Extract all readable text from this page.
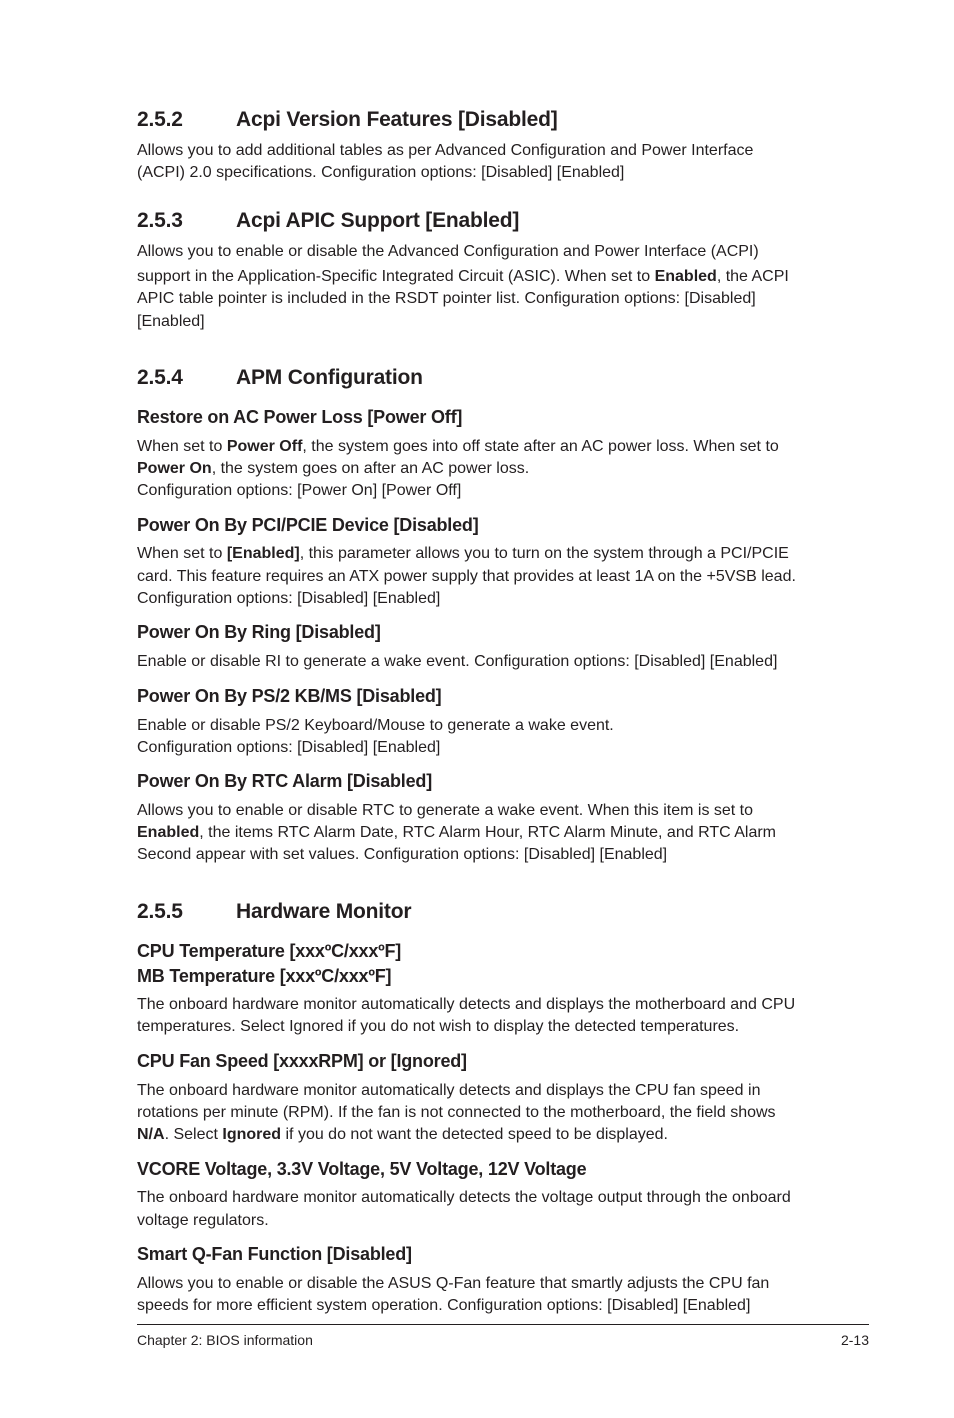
2.5.2	Acpi Version Features [Disabled]
Allows you to add additional tables as per Advanced Configuration and Power Interface
(ACPI) 2.0 specifications. Configuration options: [Disabled] [Enabled]
2.5.3	Acpi APIC Support [Enabled]
Allows you to enable or disable the Advanced Configuration and Power Interface (ACPI)
support in the Application-Specific Integrated Circuit (ASIC). When set to Enabled, the ACPI
APIC table pointer is included in the RSDT pointer list. Configuration options: [Disabled]
[Enabled]
2.5.4	APM Configuration
Restore on AC Power Loss [Power Off]
When set to Power Off, the system goes into off state after an AC power loss. When set to
Power On, the system goes on after an AC power loss.
Configuration options: [Power On] [Power Off]
Power On By PCI/PCIE Device [Disabled]
When set to [Enabled], this parameter allows you to turn on the system through a PCI/PCIE
card. This feature requires an ATX power supply that provides at least 1A on the +5VSB lead.
Configuration options: [Disabled] [Enabled]
Power On By Ring [Disabled]
Enable or disable RI to generate a wake event. Configuration options: [Disabled] [Enabled]
Power On By PS/2 KB/MS [Disabled]
Enable or disable PS/2 Keyboard/Mouse to generate a wake event.
Configuration options: [Disabled] [Enabled]
Power On By RTC Alarm [Disabled]
Allows you to enable or disable RTC to generate a wake event. When this item is set to
Enabled, the items RTC Alarm Date, RTC Alarm Hour, RTC Alarm Minute, and RTC Alarm
Second appear with set values. Configuration options: [Disabled] [Enabled]
2.5.5	Hardware Monitor
CPU Temperature [xxxºC/xxxºF]
MB Temperature [xxxºC/xxxºF]
The onboard hardware monitor automatically detects and displays the motherboard and CPU
temperatures. Select Ignored if you do not wish to display the detected temperatures.
CPU Fan Speed [xxxxRPM] or [Ignored]
The onboard hardware monitor automatically detects and displays the CPU fan speed in
rotations per minute (RPM). If the fan is not connected to the motherboard, the field shows
N/A. Select Ignored if you do not want the detected speed to be displayed.
VCORE Voltage, 3.3V Voltage, 5V Voltage, 12V Voltage
The onboard hardware monitor automatically detects the voltage output through the onboard
voltage regulators.
Smart Q-Fan Function [Disabled]
Allows you to enable or disable the ASUS Q-Fan feature that smartly adjusts the CPU fan
speeds for more efficient system operation. Configuration options: [Disabled] [Enabled]
Chapter 2: BIOS information	2-13
